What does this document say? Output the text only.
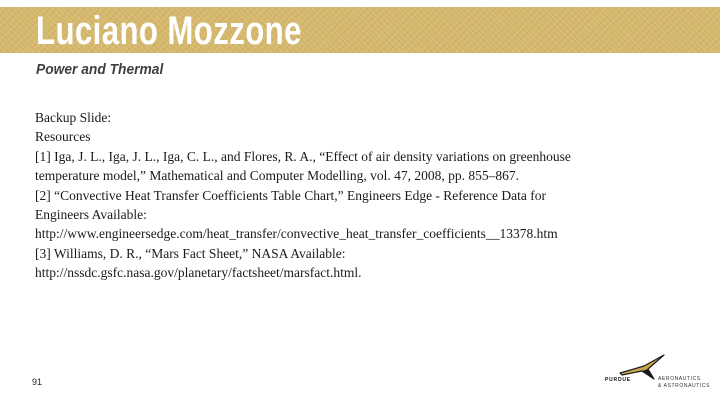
Luciano Mozzone
Power and Thermal
Backup Slide:
Resources
[1] Iga, J. L., Iga, J. L., Iga, C. L., and Flores, R. A., “Effect of air density variations on greenhouse
temperature model,” Mathematical and Computer Modelling, vol. 47, 2008, pp. 855–867.
[2] “Convective Heat Transfer Coefficients Table Chart,” Engineers Edge - Reference Data for
Engineers Available:
http://www.engineersedge.com/heat_transfer/convective_heat_transfer_coefficients__13378.htm
[3] Williams, D. R., “Mars Fact Sheet,” NASA Available:
http://nssdc.gsfc.nasa.gov/planetary/factsheet/marsfact.html.
91	PURDUE	AERONAUTICS
& ASTRONAUTICS
